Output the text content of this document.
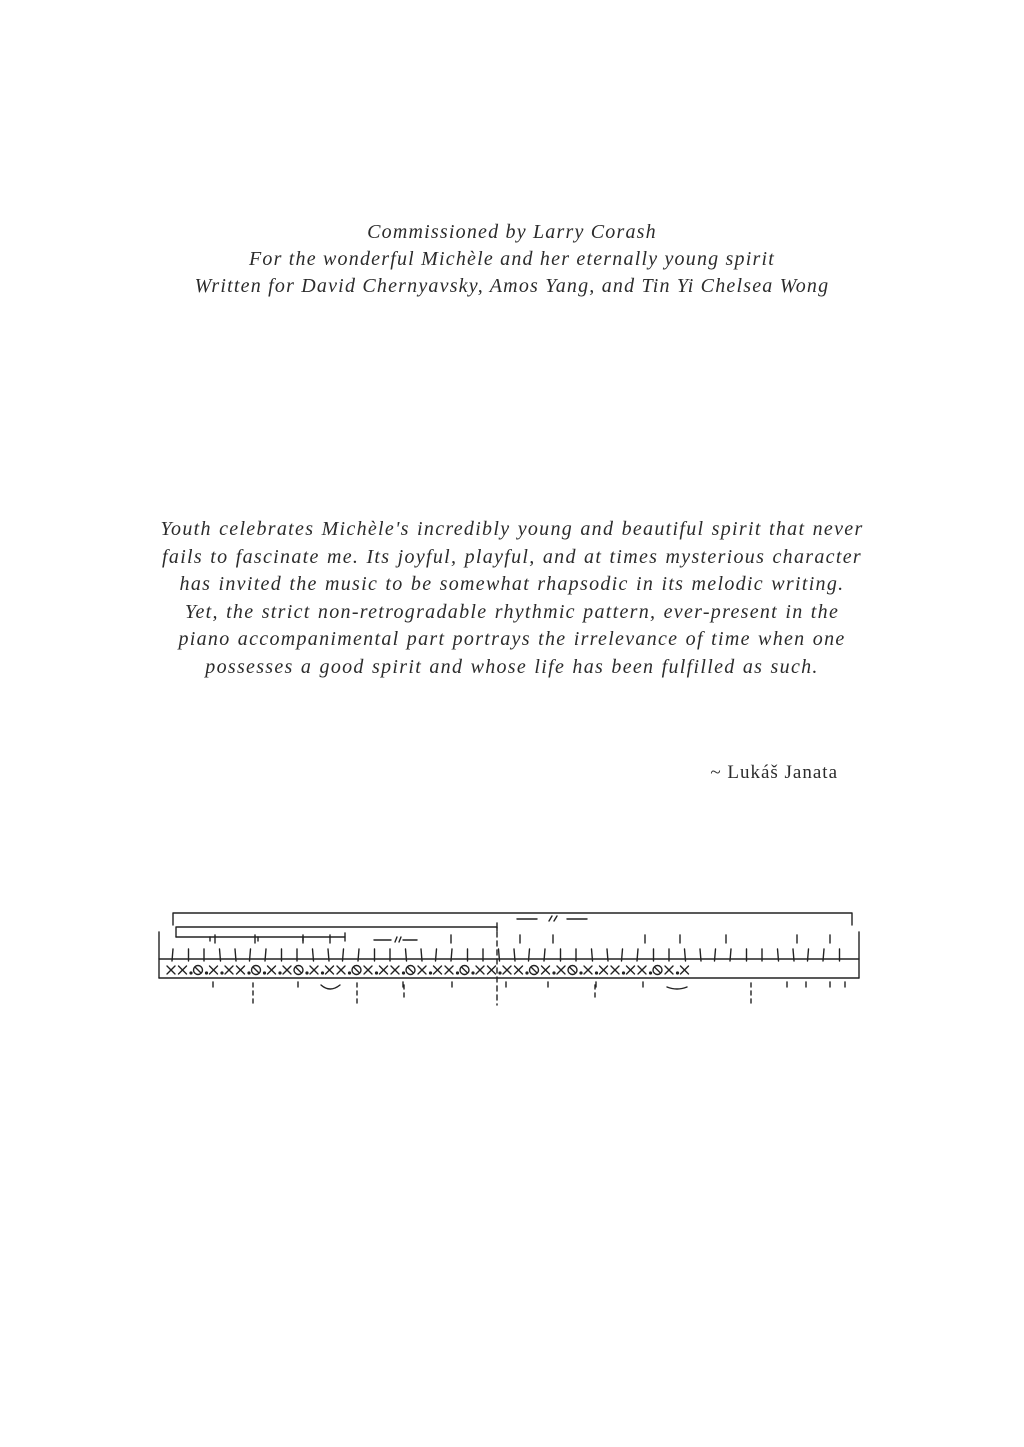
Commissioned by Larry Corash
For the wonderful Michèle and her eternally young spirit
Written for David Chernyavsky, Amos Yang, and Tin Yi Chelsea Wong
Youth celebrates Michèle's incredibly young and beautiful spirit that never fails to fascinate me. Its joyful, playful, and at times mysterious character has invited the music to be somewhat rhapsodic in its melodic writing. Yet, the strict non-retrogradable rhythmic pattern, ever-present in the piano accompanimental part portrays the irrelevance of time when one possesses a good spirit and whose life has been fulfilled as such.
~ Lukáš Janata
